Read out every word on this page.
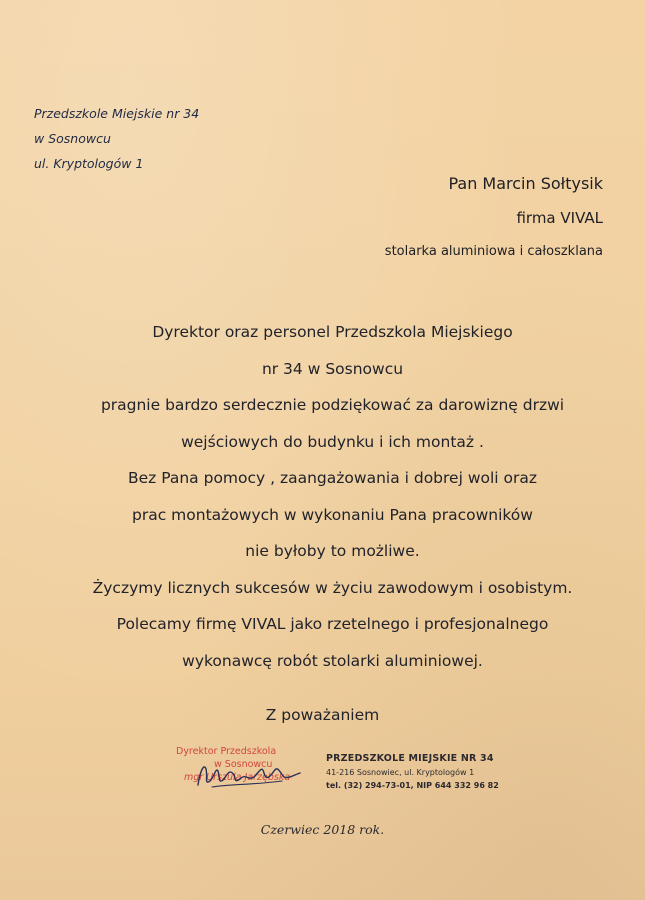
Przedszkole Miejskie nr 34
w Sosnowcu
ul. Kryptologów 1
Pan Marcin Sołtysik
firma VIVAL
stolarka aluminiowa i całoszklana
Dyrektor oraz personel Przedszkola Miejskiego
nr 34 w Sosnowcu
pragnie bardzo serdecznie podziękować za darowiznę drzwi
wejściowych do budynku i ich montaż .
Bez Pana pomocy , zaangażowania i dobrej woli oraz
prac montażowych w wykonaniu Pana pracowników
nie byłoby to możliwe.
Życzymy licznych sukcesów w życiu zawodowym i osobistym.
Polecamy firmę VIVAL jako rzetelnego i profesjonalnego
wykonawcę robót stolarki aluminiowej.
Z poważaniem
Dyrektor Przedszkola
w Sosnowcu
mgr Urszula Jarzębska
PRZEDSZKOLE MIEJSKIE NR 34
41-216 Sosnowiec, ul. Kryptologów 1
tel. (32) 294-73-01, NIP 644 332 96 82
Czerwiec 2018 rok.
